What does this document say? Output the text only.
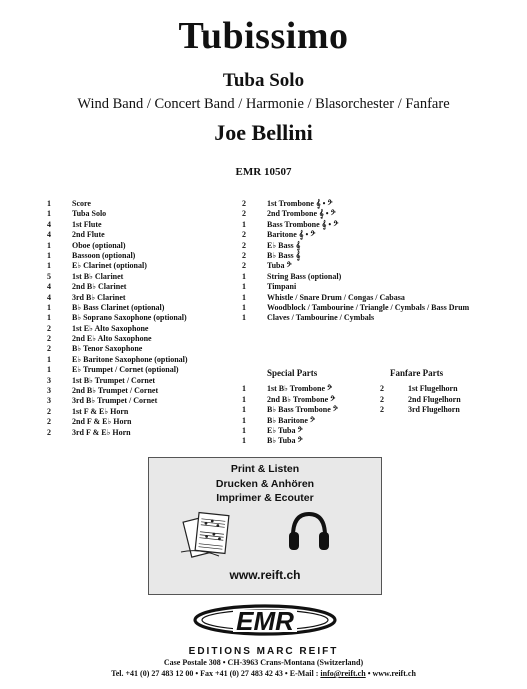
Tubissimo
Tuba Solo
Wind Band / Concert Band / Harmonie / Blasorchester / Fanfare
Joe Bellini
EMR 10507
1	Score
1	Tuba Solo
4	1st Flute
4	2nd Flute
1	Oboe (optional)
1	Bassoon (optional)
1	E♭ Clarinet (optional)
5	1st B♭ Clarinet
4	2nd B♭ Clarinet
4	3rd B♭ Clarinet
1	B♭ Bass Clarinet (optional)
1	B♭ Soprano Saxophone (optional)
2	1st E♭ Alto Saxophone
2	2nd E♭ Alto Saxophone
2	B♭ Tenor Saxophone
1	E♭ Baritone Saxophone (optional)
1	E♭ Trumpet / Cornet (optional)
3	1st B♭ Trumpet / Cornet
3	2nd B♭ Trumpet / Cornet
3	3rd B♭ Trumpet / Cornet
2	1st F & E♭ Horn
2	2nd F & E♭ Horn
2	3rd F & E♭ Horn
2	1st Trombone 𝄞 • 𝄢
2	2nd Trombone 𝄞 • 𝄢
1	Bass Trombone 𝄞 • 𝄢
2	Baritone 𝄞 • 𝄢
2	E♭ Bass 𝄞
2	B♭ Bass 𝄞
2	Tuba 𝄢
1	String Bass (optional)
1	Timpani
1	Whistle / Snare Drum / Congas / Cabasa
1	Woodblock / Tambourine / Triangle / Cymbals / Bass Drum
1	Claves / Tambourine / Cymbals
Special Parts
1	1st B♭ Trombone 𝄢
1	2nd B♭ Trombone 𝄢
1	B♭ Bass Trombone 𝄢
1	B♭ Baritone 𝄢
1	E♭ Tuba 𝄢
1	B♭ Tuba 𝄢
Fanfare Parts
2	1st Flugelhorn
2	2nd Flugelhorn
2	3rd Flugelhorn
Print & Listen
Drucken & Anhören
Imprimer & Ecouter
www.reift.ch
EMR
EDITIONS MARC REIFT
Case Postale 308 • CH-3963 Crans-Montana (Switzerland)
Tel. +41 (0) 27 483 12 00 • Fax +41 (0) 27 483 42 43 • E-Mail : info@reift.ch • www.reift.ch
